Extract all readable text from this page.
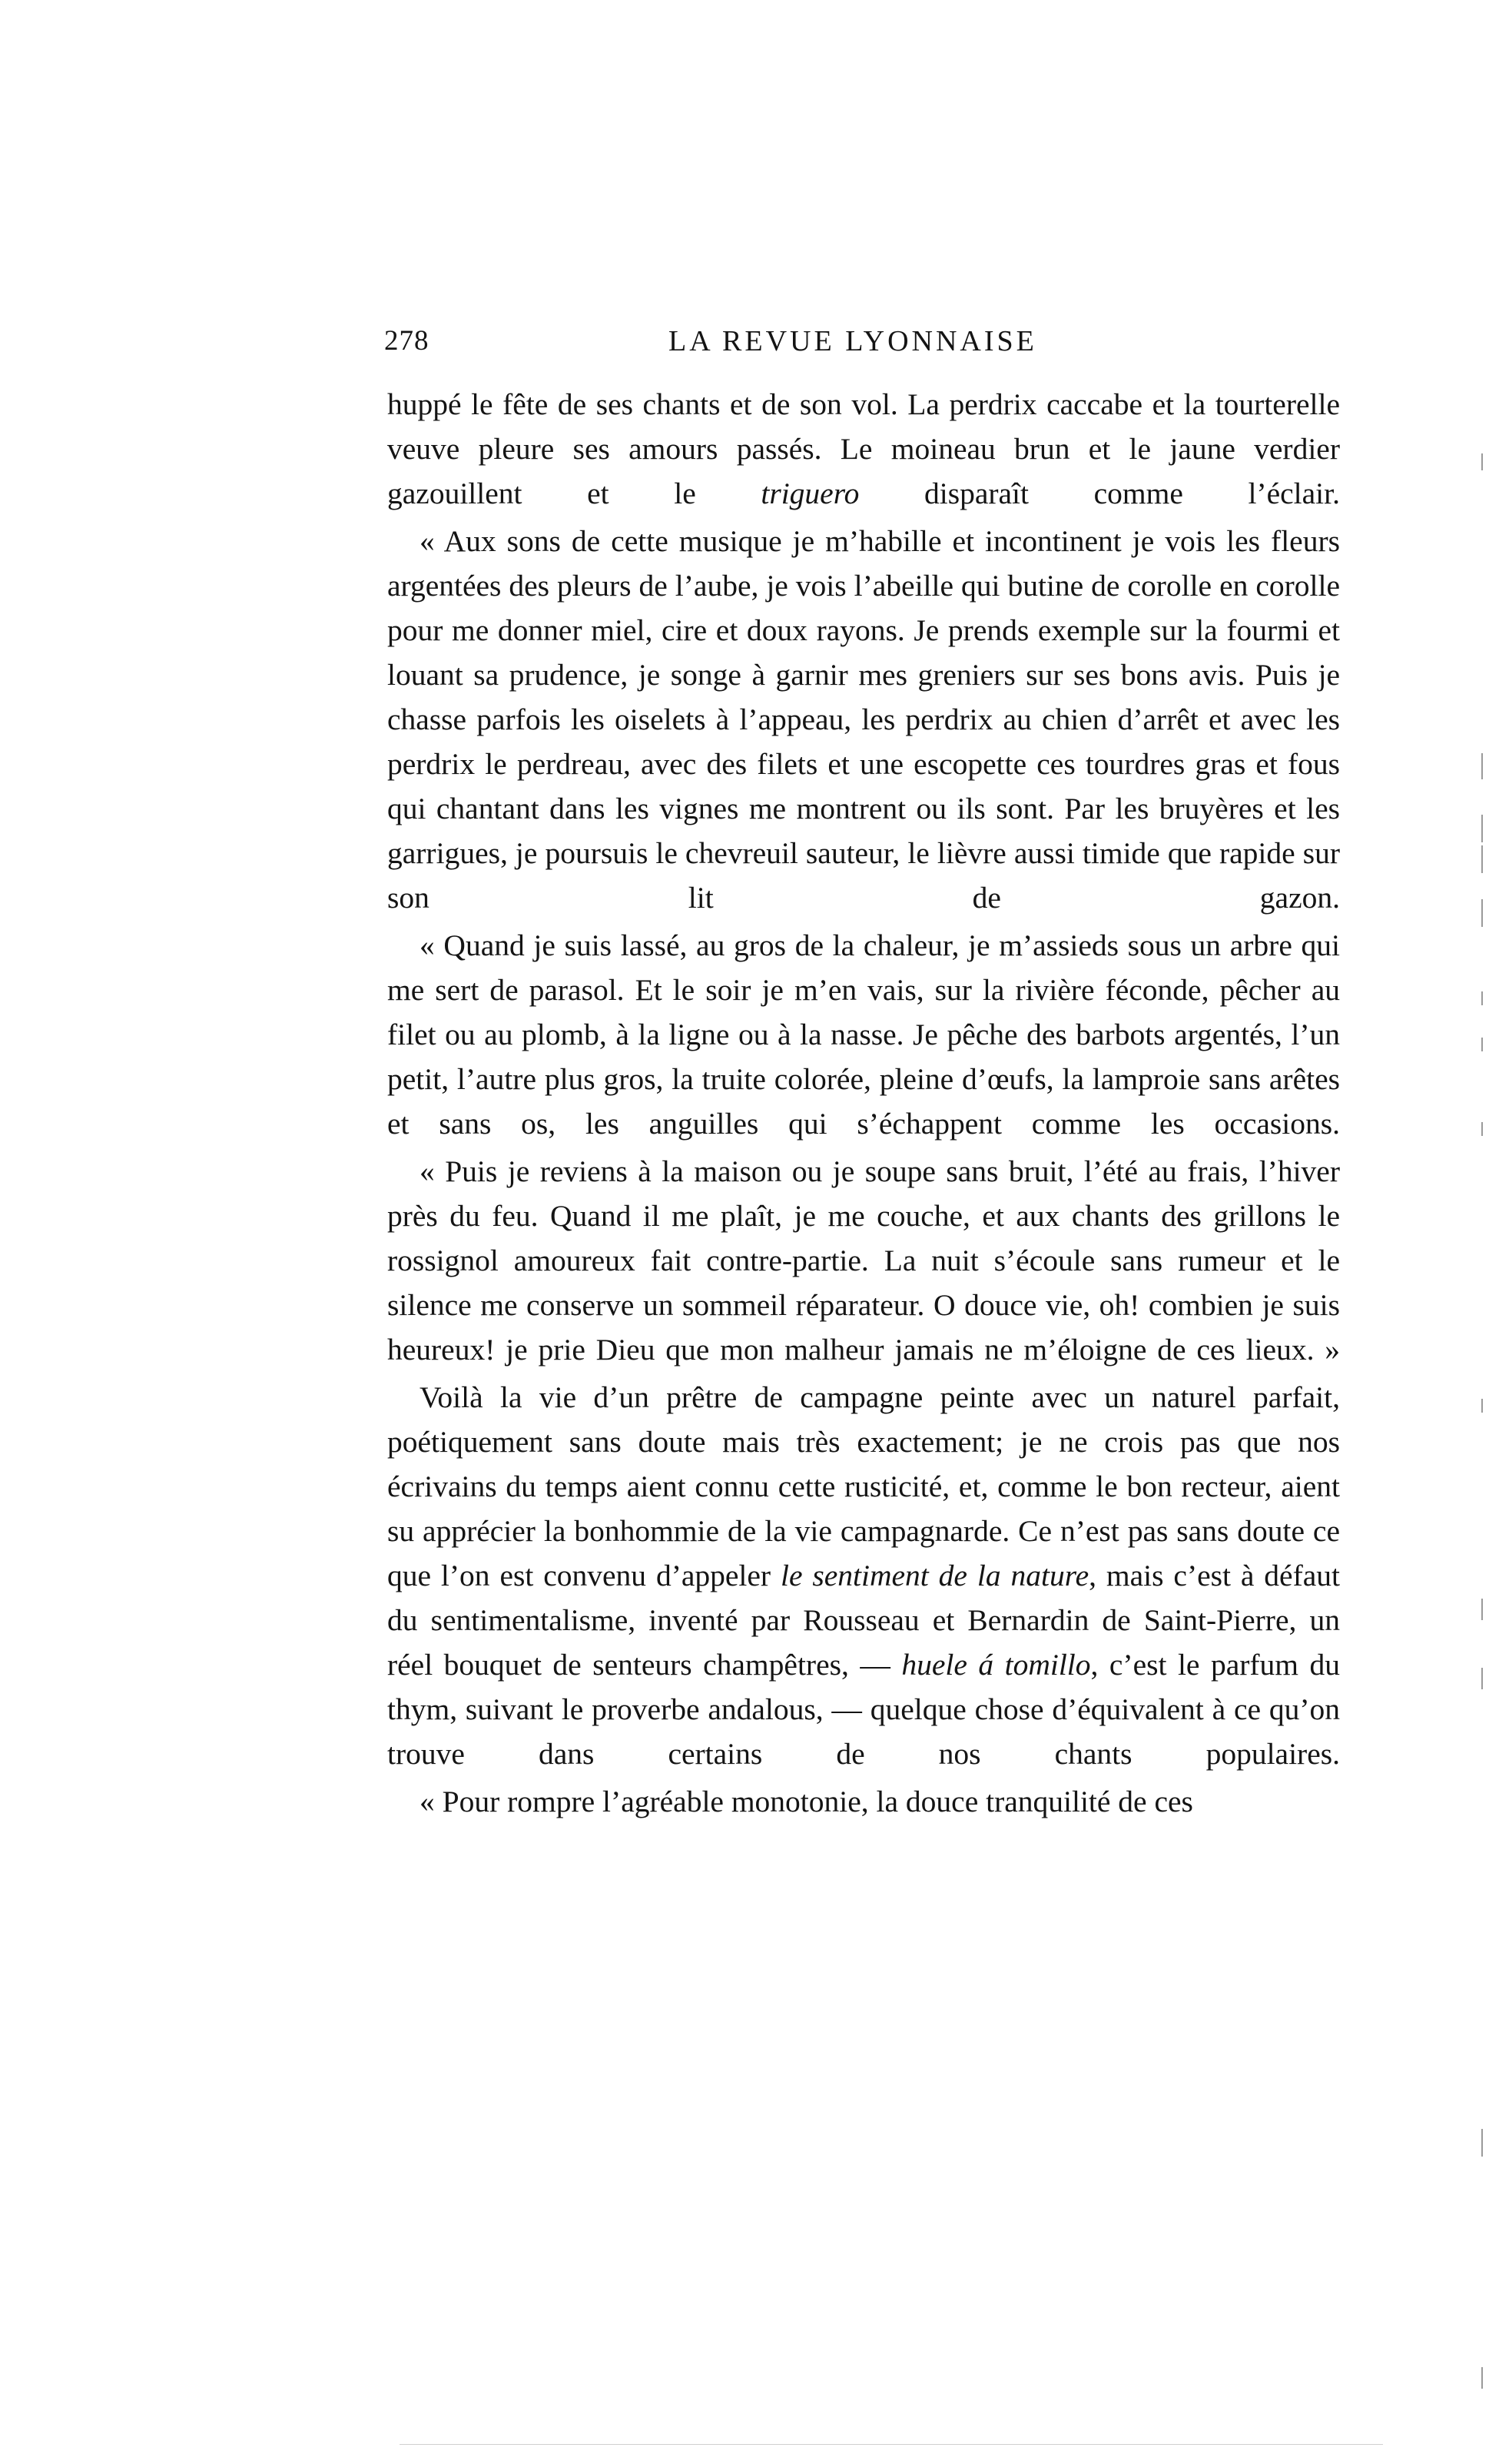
278	LA REVUE LYONNAISE

huppé le fête de ses chants et de son vol. La perdrix caccabe et la tourterelle veuve pleure ses amours passés. Le moineau brun et le jaune verdier gazouillent et le triguero disparaît comme l’éclair.

« Aux sons de cette musique je m’habille et incontinent je vois les fleurs argentées des pleurs de l’aube, je vois l’abeille qui butine de corolle en corolle pour me donner miel, cire et doux rayons. Je prends exemple sur la fourmi et louant sa prudence, je songe à garnir mes greniers sur ses bons avis. Puis je chasse parfois les oiselets à l’appeau, les perdrix au chien d’arrêt et avec les perdrix le perdreau, avec des filets et une escopette ces tourdres gras et fous qui chantant dans les vignes me montrent ou ils sont. Par les bruyères et les garrigues, je poursuis le chevreuil sauteur, le lièvre aussi timide que rapide sur son lit de gazon.

« Quand je suis lassé, au gros de la chaleur, je m’assieds sous un arbre qui me sert de parasol. Et le soir je m’en vais, sur la rivière féconde, pêcher au filet ou au plomb, à la ligne ou à la nasse. Je pêche des barbots argentés, l’un petit, l’autre plus gros, la truite colorée, pleine d’œufs, la lamproie sans arêtes et sans os, les anguilles qui s’échappent comme les occasions.

« Puis je reviens à la maison ou je soupe sans bruit, l’été au frais, l’hiver près du feu. Quand il me plaît, je me couche, et aux chants des grillons le rossignol amoureux fait contre-partie. La nuit s’écoule sans rumeur et le silence me conserve un sommeil réparateur. O douce vie, oh! combien je suis heureux! je prie Dieu que mon malheur jamais ne m’éloigne de ces lieux. »

Voilà la vie d’un prêtre de campagne peinte avec un naturel parfait, poétiquement sans doute mais très exactement; je ne crois pas que nos écrivains du temps aient connu cette rusticité, et, comme le bon recteur, aient su apprécier la bonhommie de la vie campagnarde. Ce n’est pas sans doute ce que l’on est convenu d’appeler le sentiment de la nature, mais c’est à défaut du sentimentalisme, inventé par Rousseau et Bernardin de Saint-Pierre, un réel bouquet de senteurs champêtres, — huele á tomillo, c’est le parfum du thym, suivant le proverbe andalous, — quelque chose d’équivalent à ce qu’on trouve dans certains de nos chants populaires.

« Pour rompre l’agréable monotonie, la douce tranquilité de ces
